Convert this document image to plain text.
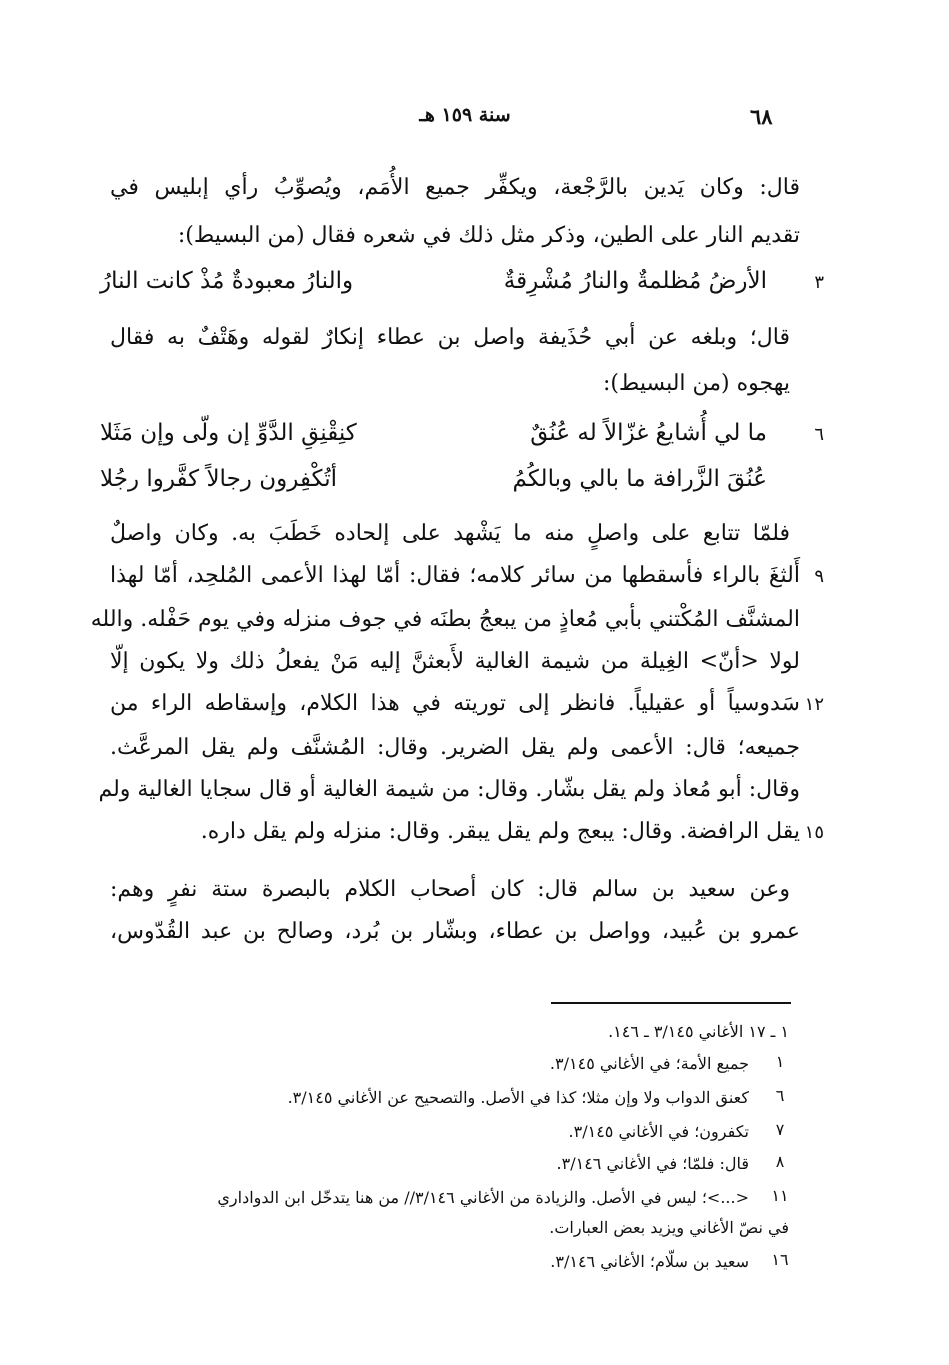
٦٨
سنة ١٥٩ هـ
قال: وكان يَدين بالرَّجْعة، ويكفِّر جميع الأُمَم، ويُصوِّبُ رأي إبليس في
تقديم النار على الطين، وذكر مثل ذلك في شعره فقال (من البسيط):
٣
الأرضُ مُظلمةٌ والنارُ مُشْرِقةٌ
والنارُ معبودةٌ مُذْ كانت النارُ
قال؛ وبلغه عن أبي حُذَيفة واصل بن عطاء إنكارٌ لقوله وهَتْفٌ به فقال
يهجوه (من البسيط):
٦
ما لي أُشايعُ غزّالاً له عُنُقٌ
كنِقْنِقِ الدَّوِّ إن ولّى وإن مَثَلا
عُنُقَ الزَّرافة ما بالي وبالكُمُ
أتُكْفِرون رجالاً كفَّروا رجُلا
فلمّا تتابع على واصلٍ منه ما يَشْهد على إلحاده خَطَبَ به. وكان واصلٌ
٩
أَلثغَ بالراء فأسقطها من سائر كلامه؛ فقال: أمّا لهذا الأعمى المُلحِد، أمّا لهذا
المشنَّف المُكْتني بأبي مُعاذٍ من يبعجُ بطنَه في جوف منزله وفي يوم حَفْله. والله
لولا <أنّ> الغِيلة من شيمة الغالية لأَبعثنَّ إليه مَنْ يفعلُ ذلك ولا يكون إلّا
١٢
سَدوسياً أو عقيلياً. فانظر إلى توريته في هذا الكلام، وإسقاطه الراء من
جميعه؛ قال: الأعمى ولم يقل الضرير. وقال: المُشنَّف ولم يقل المرعَّث.
وقال: أبو مُعاذ ولم يقل بشّار. وقال: من شيمة الغالية أو قال سجايا الغالية ولم
١٥
يقل الرافضة. وقال: يبعج ولم يقل يبقر. وقال: منزله ولم يقل داره.
وعن سعيد بن سالم قال: كان أصحاب الكلام بالبصرة ستة نفرٍ وهم:
عمرو بن عُبيد، وواصل بن عطاء، وبشّار بن بُرد، وصالح بن عبد القُدّوس،
١ ـ ١٧ الأغاني ٣/١٤٥ ـ ١٤٦.
١
جميع الأمة؛ في الأغاني ٣/١٤٥.
٦
كعنق الدواب ولا وإن مثلا؛ كذا في الأصل. والتصحيح عن الأغاني ٣/١٤٥.
٧
تكفرون؛ في الأغاني ٣/١٤٥.
٨
قال: فلمّا؛ في الأغاني ٣/١٤٦.
١١
<...>؛ ليس في الأصل. والزيادة من الأغاني ٣/١٤٦// من هنا يتدخّل ابن الدواداري
في نصّ الأغاني ويزيد بعض العبارات.
١٦
سعيد بن سلّام؛ الأغاني ٣/١٤٦.
